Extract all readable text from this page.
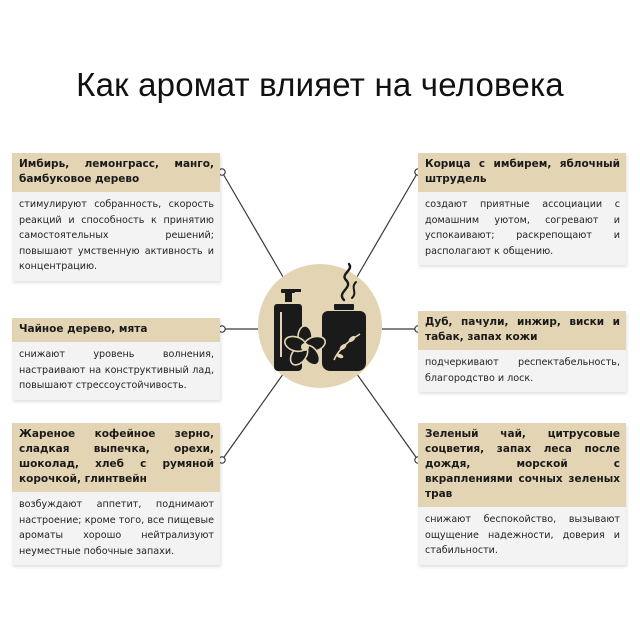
Как аромат влияет на человека
Имбирь, лемонграсс, манго, бамбуковое дерево
стимулируют собранность, скорость реакций и способность к принятию самостоятельных решений; повышают умственную активность и концентрацию.
Чайное дерево, мята
снижают уровень волнения, настраивают на конструктивный лад, повышают стрессоустойчивость.
Жареное кофейное зерно, сладкая выпечка, орехи, шоколад, хлеб с румяной корочкой, глинтвейн
возбуждают аппетит, поднимают настроение; кроме того, все пищевые ароматы хорошо нейтрализуют неуместные побочные запахи.
Корица с имбирем, яблочный штрудель
создают приятные ассоциации с домашним уютом, согревают и успокаивают; раскрепощают и располагают к общению.
Дуб, пачули, инжир, виски и табак, запах кожи
подчеркивают респектабельность, благородство и лоск.
Зеленый чай, цитрусовые соцветия, запах леса после дождя, морской с вкраплениями сочных зеленых трав
снижают беспокойство, вызывают ощущение надежности, доверия и стабильности.
